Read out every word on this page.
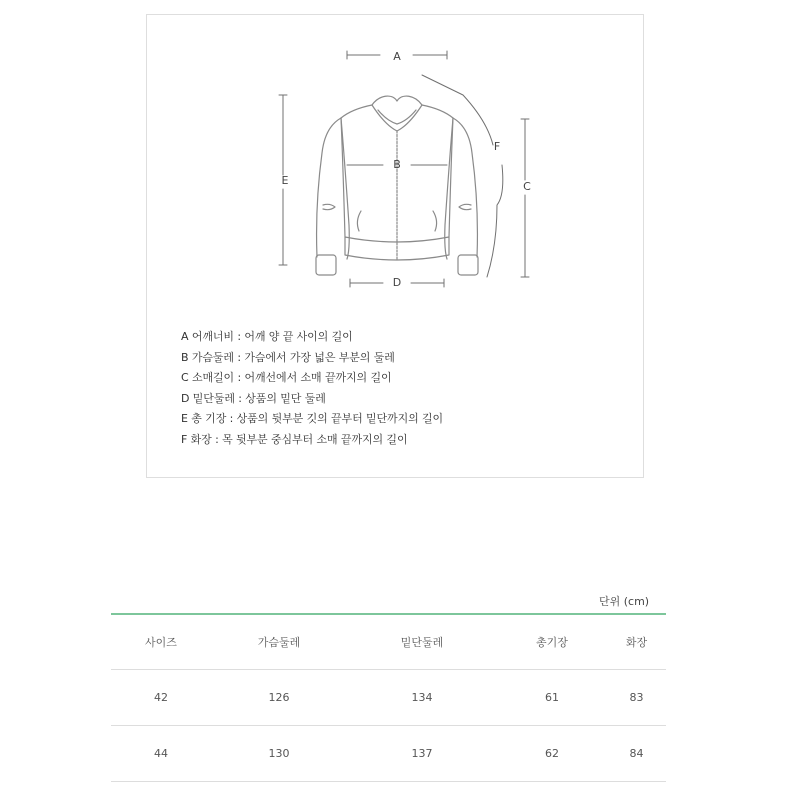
A
B
C
D
E
F
A 어깨너비 : 어깨 양 끝 사이의 길이
B 가슴둘레 : 가슴에서 가장 넓은 부분의 둘레
C 소매길이 : 어깨선에서 소매 끝까지의 길이
D 밑단둘레 : 상품의 밑단 둘레
E 총 기장 : 상품의 뒷부분 깃의 끝부터 밑단까지의 길이
F 화장 : 목 뒷부분 중심부터 소매 끝까지의 길이
단위 (cm)
사이즈	가슴둘레	밑단둘레	총기장	화장
42	126	134	61	83
44	130	137	62	84
